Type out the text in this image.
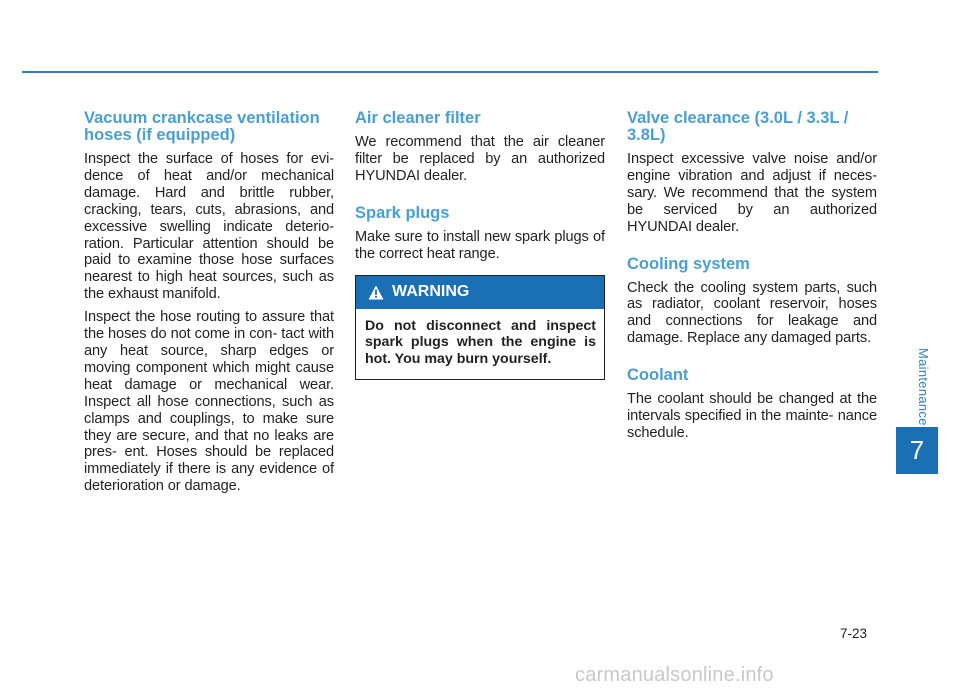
Vacuum crankcase ventilation hoses (if equipped)
Inspect the surface of hoses for evi- dence of heat and/or mechanical damage. Hard and brittle rubber, cracking, tears, cuts, abrasions, and excessive swelling indicate deterio- ration. Particular attention should be paid to examine those hose surfaces nearest to high heat sources, such as the exhaust manifold.
Inspect the hose routing to assure that the hoses do not come in con- tact with any heat source, sharp edges or moving component which might cause heat damage or mechanical wear. Inspect all hose connections, such as clamps and couplings, to make sure they are secure, and that no leaks are pres- ent. Hoses should be replaced immediately if there is any evidence of deterioration or damage.
Air cleaner filter
We recommend that the air cleaner filter be replaced by an authorized HYUNDAI dealer.
Spark plugs
Make sure to install new spark plugs of the correct heat range.
WARNING
Do not disconnect and inspect spark plugs when the engine is hot. You may burn yourself.
Valve clearance (3.0L / 3.3L / 3.8L)
Inspect excessive valve noise and/or engine vibration and adjust if neces- sary. We recommend that the system be serviced by an authorized HYUNDAI dealer.
Cooling system
Check the cooling system parts, such as radiator, coolant reservoir, hoses and connections for leakage and damage. Replace any damaged parts.
Coolant
The coolant should be changed at the intervals specified in the mainte- nance schedule.
Maintenance
7
7-23
carmanualsonline.info
